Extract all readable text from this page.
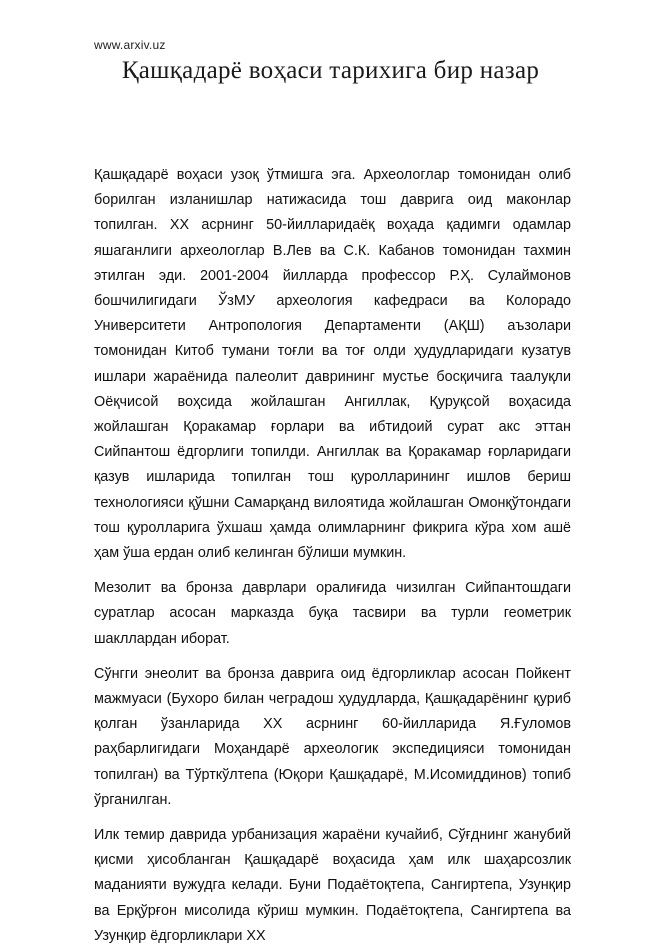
www.arxiv.uz
Қашқадарё воҳаси тарихига бир назар

Қашқадарё воҳаси узоқ ўтмишга эга. Археологлар томонидан олиб борилган изланишлар натижасида тош даврига оид маконлар топилган. ХХ асрнинг 50-йилларидаёқ воҳада қадимги одамлар яшаганлиги археологлар В.Лев ва С.К. Кабанов томонидан тахмин этилган эди. 2001-2004 йилларда профессор Р.Ҳ. Сулаймонов бошчилигидаги ЎзМУ археология кафедраси ва Колорадо Университети Антропология Департаменти (АҚШ) аъзолари томонидан Китоб тумани тоғли ва тоғ олди ҳудудларидаги кузатув ишлари жараёнида палеолит даврининг мустье босқичига таалуқли Оёқчисой воҳсида жойлашган Ангиллак, Қуруқсой воҳасида жойлашган Қоракамар ғорлари ва ибтидоий сурат акс эттан Сийпантош ёдгорлиги топилди. Ангиллак ва Қоракамар ғорларидаги қазув ишларида топилган тош қуролларининг ишлов бериш технологияси қўшни Самарқанд вилоятида жойлашган Омонқўтондаги тош қуролларига ўхшаш ҳамда олимларнинг фикрига кўра хом ашё ҳам ўша ердан олиб келинган бўлиши мумкин.

Мезолит ва бронза даврлари оралиғида чизилган Сийпантошдаги суратлар асосан марказда буқа тасвири ва турли геометрик шакллардан иборат.

Сўнгги энеолит ва бронза даврига оид ёдгорликлар асосан Пойкент мажмуаси (Бухоро билан чеградош ҳудудларда, Қашқадарёнинг қуриб қолган ўзанларида ХХ асрнинг 60-йилларида Я.Ғуломов раҳбарлигидаги Моҳандарё археологик экспедицияси томонидан топилган) ва Тўрткўлтепа (Юқори Қашқадарё, М.Исомиддинов) топиб ўрганилган.

Илк темир даврида урбанизация жараёни кучайиб, Сўғднинг жанубий қисми ҳисобланган Қашқадарё воҳасида ҳам илк шаҳарсозлик маданияти вужудга келади. Буни Подаётоқтепа, Сангиртепа, Узунқир ва Ерқўрғон мисолида кўриш мумкин. Подаётоқтепа, Сангиртепа ва Узунқир ёдгорликлари ХХ
